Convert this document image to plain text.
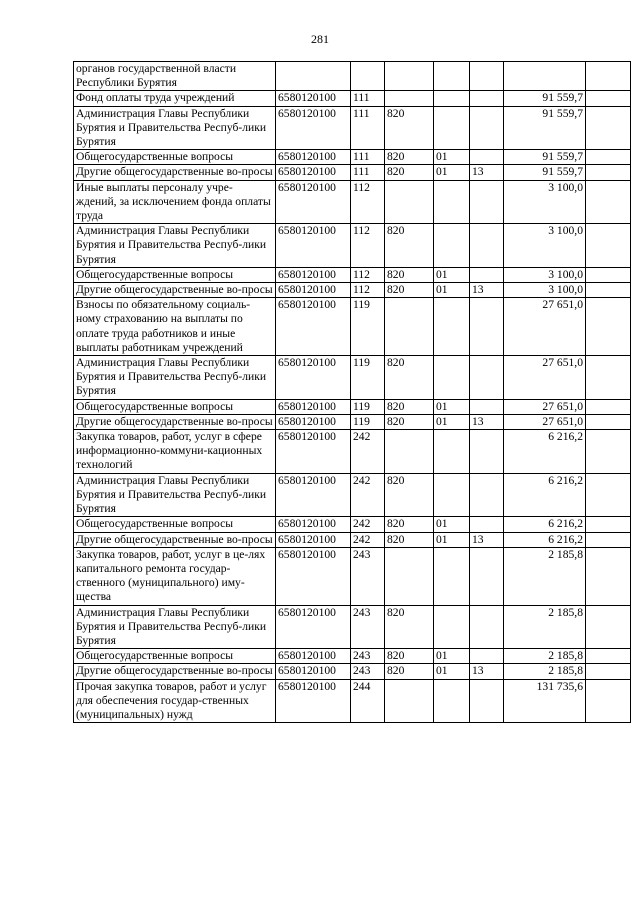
281
органов государственной власти Республики Бурятия							
Фонд оплаты труда учреждений	6580120100	111				91 559,7	
Администрация Главы Республики Бурятия и Правительства Респуб-лики Бурятия	6580120100	111	820			91 559,7	
Общегосударственные вопросы	6580120100	111	820	01		91 559,7	
Другие общегосударственные во-просы	6580120100	111	820	01	13	91 559,7	
Иные выплаты персоналу учре-ждений, за исключением фонда оплаты труда	6580120100	112				3 100,0	
Администрация Главы Республики Бурятия и Правительства Респуб-лики Бурятия	6580120100	112	820			3 100,0	
Общегосударственные вопросы	6580120100	112	820	01		3 100,0	
Другие общегосударственные во-просы	6580120100	112	820	01	13	3 100,0	
Взносы по обязательному социаль-ному страхованию на выплаты по оплате труда работников и иные выплаты работникам учреждений	6580120100	119				27 651,0	
Администрация Главы Республики Бурятия и Правительства Респуб-лики Бурятия	6580120100	119	820			27 651,0	
Общегосударственные вопросы	6580120100	119	820	01		27 651,0	
Другие общегосударственные во-просы	6580120100	119	820	01	13	27 651,0	
Закупка товаров, работ, услуг в сфере информационно-коммуни-кационных технологий	6580120100	242				6 216,2	
Администрация Главы Республики Бурятия и Правительства Респуб-лики Бурятия	6580120100	242	820			6 216,2	
Общегосударственные вопросы	6580120100	242	820	01		6 216,2	
Другие общегосударственные во-просы	6580120100	242	820	01	13	6 216,2	
Закупка товаров, работ, услуг в це-лях капитального ремонта государ-ственного (муниципального) иму-щества	6580120100	243				2 185,8	
Администрация Главы Республики Бурятия и Правительства Респуб-лики Бурятия	6580120100	243	820			2 185,8	
Общегосударственные вопросы	6580120100	243	820	01		2 185,8	
Другие общегосударственные во-просы	6580120100	243	820	01	13	2 185,8	
Прочая закупка товаров, работ и услуг для обеспечения государ-ственных (муниципальных) нужд	6580120100	244				131 735,6	
